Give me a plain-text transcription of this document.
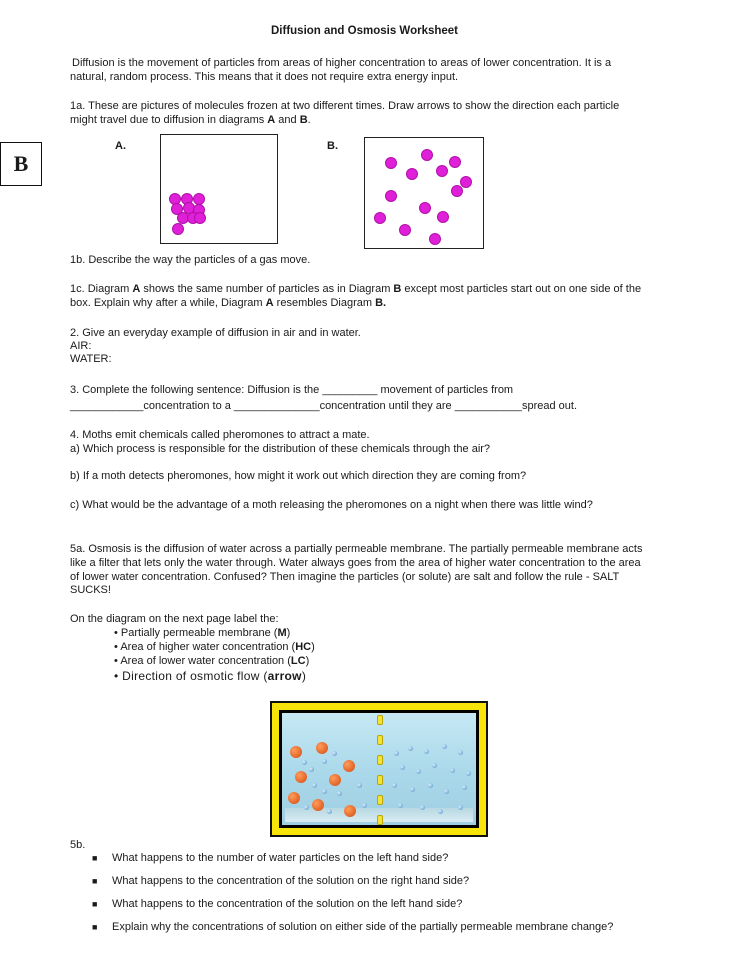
Diffusion and Osmosis Worksheet
Diffusion is the movement of particles from areas of higher concentration to areas of lower concentration. It is a
natural, random process. This means that it does not require extra energy input.
1a. These are pictures of molecules frozen at two different times. Draw arrows to show the direction each particle
might travel due to diffusion in diagrams A and B.
B
A.	B.
1b. Describe the way the particles of a gas move.
1c. Diagram A shows the same number of particles as in Diagram B except most particles start out on one side of the
box. Explain why after a while, Diagram A resembles Diagram B.
2. Give an everyday example of diffusion in air and in water.
AIR:
WATER:
3. Complete the following sentence: Diffusion is the _________ movement of particles from
____________concentration to a ______________concentration until they are ___________spread out.
4. Moths emit chemicals called pheromones to attract a mate.
a) Which process is responsible for the distribution of these chemicals through the air?
b) If a moth detects pheromones, how might it work out which direction they are coming from?
c) What would be the advantage of a moth releasing the pheromones on a night when there was little wind?
5a. Osmosis is the diffusion of water across a partially permeable membrane. The partially permeable membrane acts
like a filter that lets only the water through. Water always goes from the area of higher water concentration to the area
of lower water concentration. Confused? Then imagine the particles (or solute) are salt and follow the rule - SALT
SUCKS!
On the diagram on the next page label the:
• Partially permeable membrane (M)
• Area of higher water concentration (HC)
• Area of lower water concentration (LC)
• Direction of osmotic flow (arrow)
5b.
■ What happens to the number of water particles on the left hand side?
■ What happens to the concentration of the solution on the right hand side?
■ What happens to the concentration of the solution on the left hand side?
■ Explain why the concentrations of solution on either side of the partially permeable membrane change?
